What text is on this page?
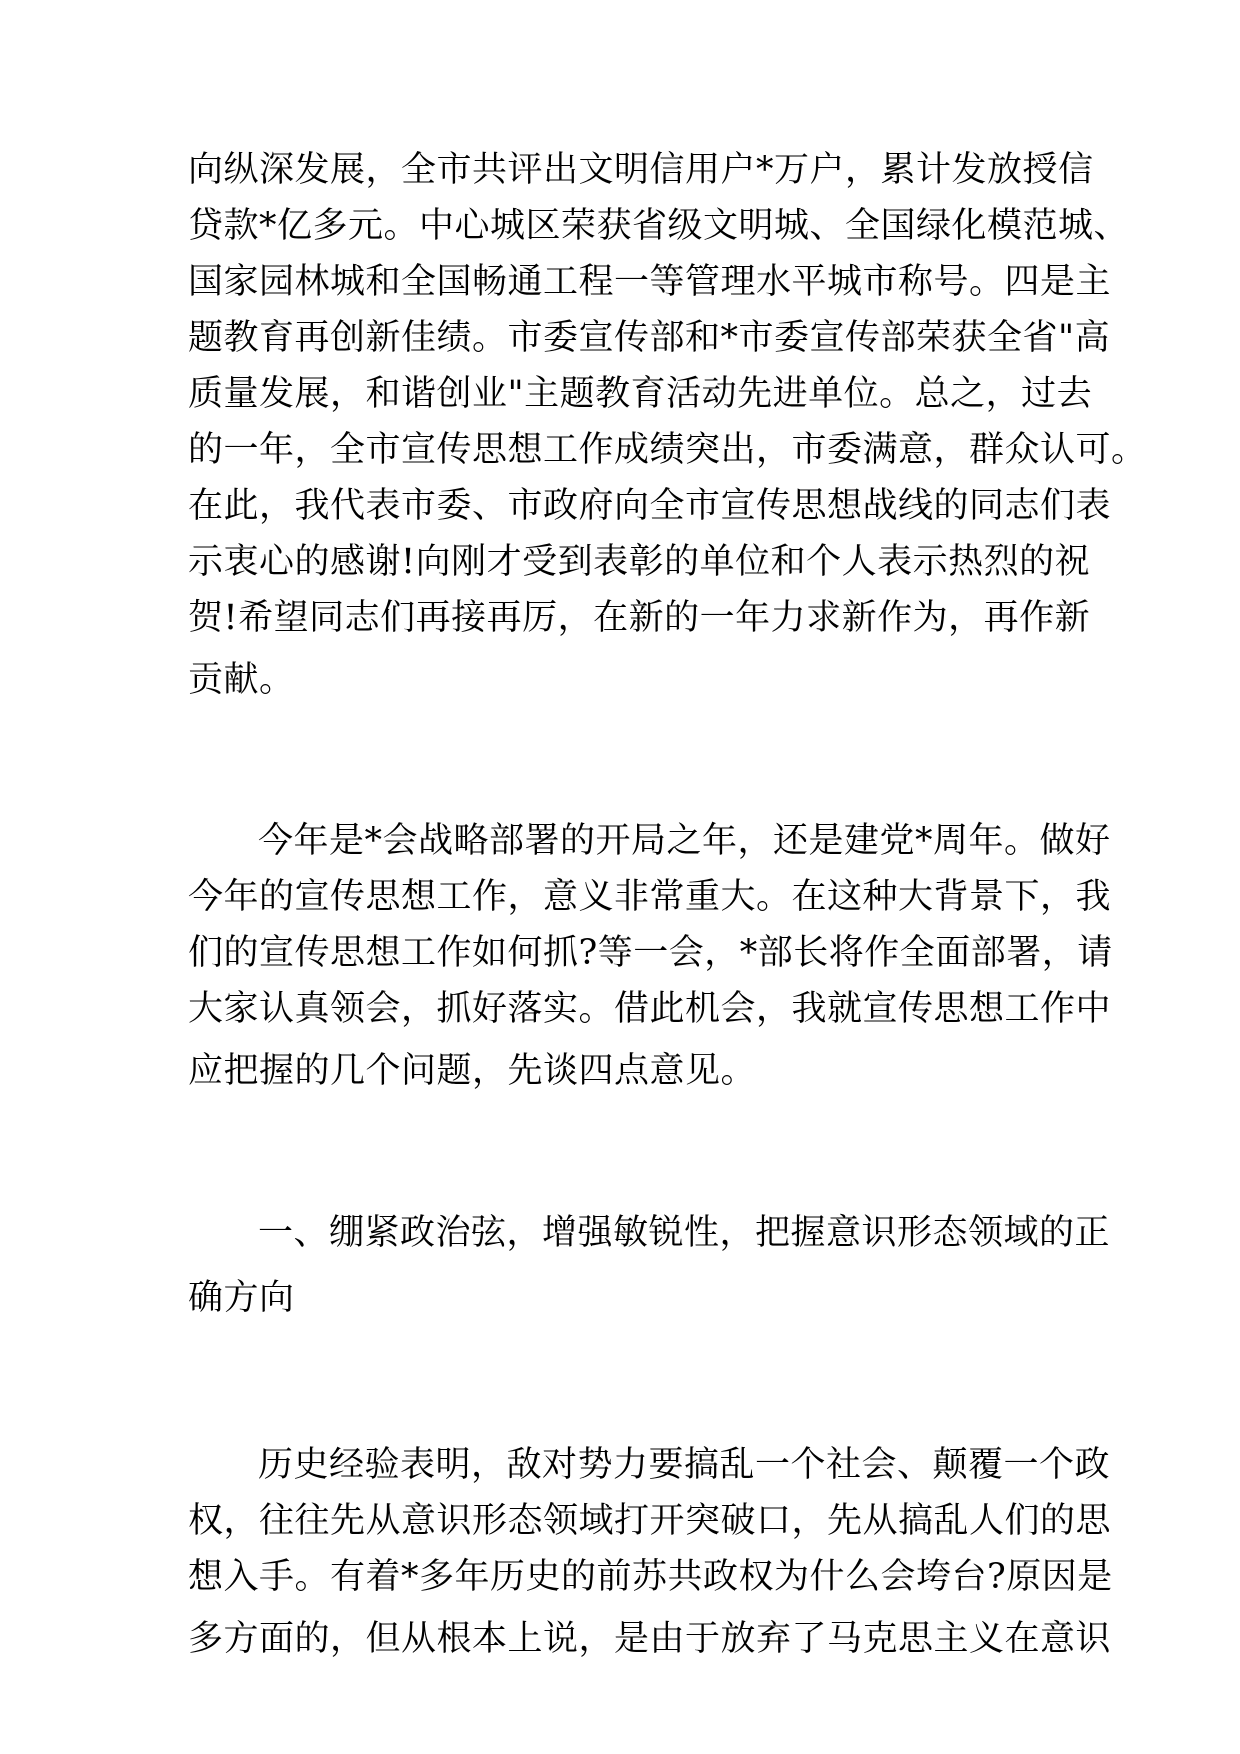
向纵深发展，全市共评出文明信用户*万户，累计发放授信

贷款*亿多元。中心城区荣获省级文明城、全国绿化模范城、

国家园林城和全国畅通工程一等管理水平城市称号。四是主

题教育再创新佳绩。市委宣传部和*市委宣传部荣获全省"高

质量发展，和谐创业"主题教育活动先进单位。总之，过去

的一年，全市宣传思想工作成绩突出，市委满意，群众认可。

在此，我代表市委、市政府向全市宣传思想战线的同志们表

示衷心的感谢!向刚才受到表彰的单位和个人表示热烈的祝

贺!希望同志们再接再厉，在新的一年力求新作为，再作新

贡献。

今年是*会战略部署的开局之年，还是建党*周年。做好

今年的宣传思想工作，意义非常重大。在这种大背景下，我

们的宣传思想工作如何抓?等一会，*部长将作全面部署，请

大家认真领会，抓好落实。借此机会，我就宣传思想工作中

应把握的几个问题，先谈四点意见。

一、绷紧政治弦，增强敏锐性，把握意识形态领域的正

确方向

历史经验表明，敌对势力要搞乱一个社会、颠覆一个政

权，往往先从意识形态领域打开突破口，先从搞乱人们的思

想入手。有着*多年历史的前苏共政权为什么会垮台?原因是

多方面的，但从根本上说，是由于放弃了马克思主义在意识
